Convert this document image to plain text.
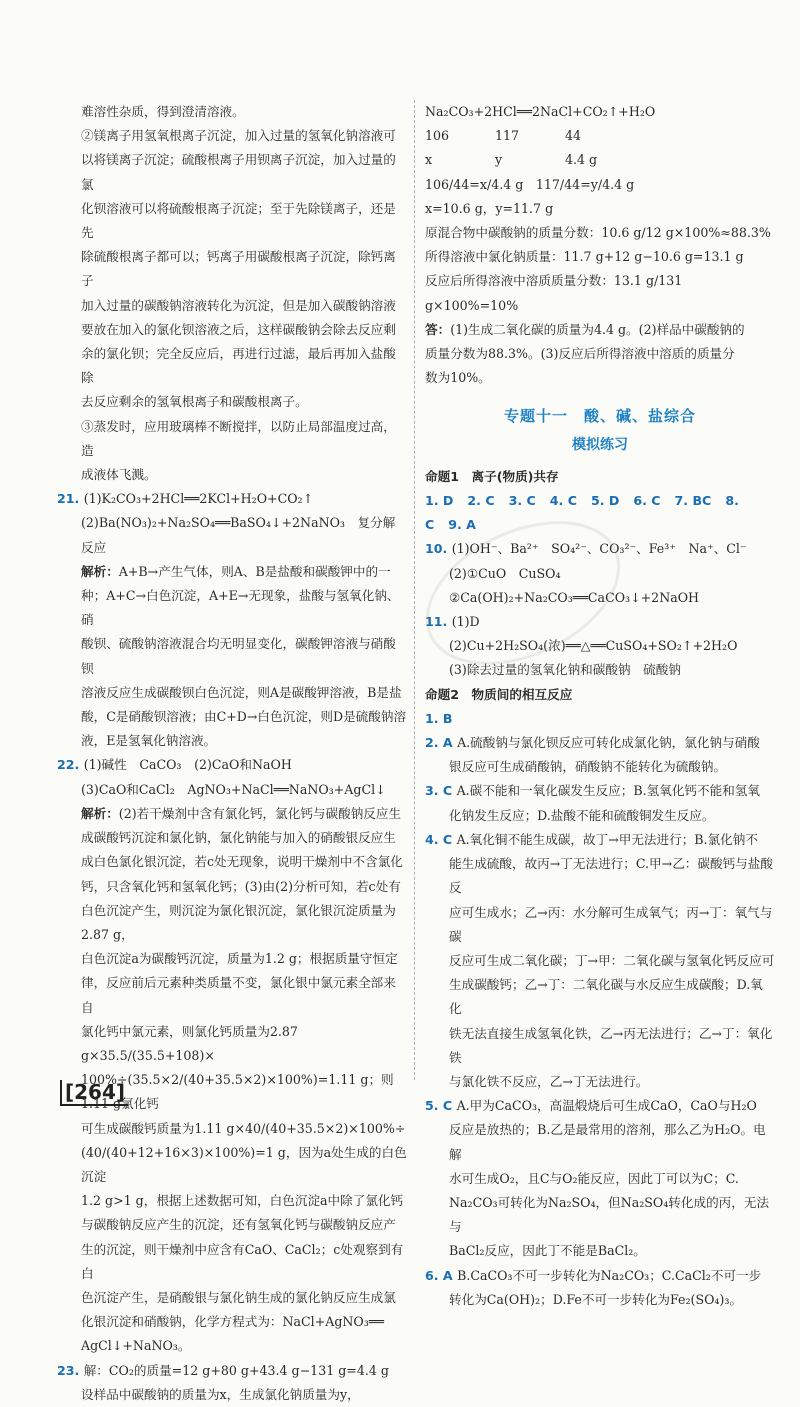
难溶性杂质，得到澄清溶液。

②镁离子用氢氧根离子沉淀，加入过量的氢氧化钠溶液可

以将镁离子沉淀；硫酸根离子用钡离子沉淀，加入过量的氯

化钡溶液可以将硫酸根离子沉淀；至于先除镁离子，还是先

除硫酸根离子都可以；钙离子用碳酸根离子沉淀，除钙离子

加入过量的碳酸钠溶液转化为沉淀，但是加入碳酸钠溶液

要放在加入的氯化钡溶液之后，这样碳酸钠会除去反应剩

余的氯化钡；完全反应后，再进行过滤，最后再加入盐酸除

去反应剩余的氢氧根离子和碳酸根离子。

③蒸发时，应用玻璃棒不断搅拌，以防止局部温度过高，造

成液体飞溅。

21. (1)K₂CO₃+2HCl══2KCl+H₂O+CO₂↑

(2)Ba(NO₃)₂+Na₂SO₄══BaSO₄↓+2NaNO₃　复分解

反应

解析：A+B→产生气体，则A、B是盐酸和碳酸钾中的一

种；A+C→白色沉淀，A+E→无现象，盐酸与氢氧化钠、硝

酸钡、硫酸钠溶液混合均无明显变化，碳酸钾溶液与硝酸钡

溶液反应生成碳酸钡白色沉淀，则A是碳酸钾溶液，B是盐

酸，C是硝酸钡溶液；由C+D→白色沉淀，则D是硫酸钠溶

液，E是氢氧化钠溶液。

22. (1)碱性　CaCO₃　(2)CaO和NaOH

(3)CaO和CaCl₂　AgNO₃+NaCl══NaNO₃+AgCl↓

解析：(2)若干燥剂中含有氯化钙，氯化钙与碳酸钠反应生

成碳酸钙沉淀和氯化钠，氯化钠能与加入的硝酸银反应生

成白色氯化银沉淀，若c处无现象，说明干燥剂中不含氯化

钙，只含氧化钙和氢氧化钙；(3)由(2)分析可知，若c处有

白色沉淀产生，则沉淀为氯化银沉淀，氯化银沉淀质量为2.87 g，

白色沉淀a为碳酸钙沉淀，质量为1.2 g；根据质量守恒定

律，反应前后元素种类质量不变，氯化银中氯元素全部来自

氯化钙中氯元素，则氯化钙质量为2.87 g×35.5/(35.5+108)×

100%÷(35.5×2/(40+35.5×2)×100%)=1.11 g；则1.11 g氯化钙

可生成碳酸钙质量为1.11 g×40/(40+35.5×2)×100%÷

(40/(40+12+16×3)×100%)=1 g，因为a处生成的白色沉淀

1.2 g>1 g，根据上述数据可知，白色沉淀a中除了氯化钙

与碳酸钠反应产生的沉淀，还有氢氧化钙与碳酸钠反应产

生的沉淀，则干燥剂中应含有CaO、CaCl₂；c处观察到有白

色沉淀产生，是硝酸银与氯化钠生成的氯化钠反应生成氯

化银沉淀和硝酸钠，化学方程式为：NaCl+AgNO₃══

AgCl↓+NaNO₃。

23. 解：CO₂的质量=12 g+80 g+43.4 g−131 g=4.4 g

设样品中碳酸钠的质量为x，生成氯化钠质量为y，

Na₂CO₃+2HCl══2NaCl+CO₂↑+H₂O

106	117	44

x	y	4.4 g

106/44=x/4.4 g　117/44=y/4.4 g

x=10.6 g，y=11.7 g

原混合物中碳酸钠的质量分数：10.6 g/12 g×100%≈88.3%

所得溶液中氯化钠质量：11.7 g+12 g−10.6 g=13.1 g

反应后所得溶液中溶质质量分数：13.1 g/131 g×100%=10%

答：(1)生成二氧化碳的质量为4.4 g。(2)样品中碳酸钠的

质量分数为88.3%。(3)反应后所得溶液中溶质的质量分

数为10%。

专题十一　酸、碱、盐综合
模拟练习
命题1　离子(物质)共存
1. D 2. C 3. C 4. C 5. D 6. C 7. BC 8. C 9. A

10. (1)OH⁻、Ba²⁺　SO₄²⁻、CO₃²⁻、Fe³⁺　Na⁺、Cl⁻

(2)①CuO　CuSO₄

②Ca(OH)₂+Na₂CO₃══CaCO₃↓+2NaOH

11. (1)D

(2)Cu+2H₂SO₄(浓)══△══CuSO₄+SO₂↑+2H₂O

(3)除去过量的氢氧化钠和碳酸钠　硫酸钠

命题2　物质间的相互反应

1. B

2. A A.硫酸钠与氯化钡反应可转化成氯化钠，氯化钠与硝酸

银反应可生成硝酸钠，硝酸钠不能转化为硫酸钠。

3. C A.碳不能和一氧化碳发生反应；B.氢氧化钙不能和氢氧

化钠发生反应；D.盐酸不能和硫酸铜发生反应。

4. C A.氧化铜不能生成碳，故丁→甲无法进行；B.氯化钠不

能生成硫酸，故丙→丁无法进行；C.甲→乙：碳酸钙与盐酸反

应可生成水；乙→丙：水分解可生成氧气；丙→丁：氧气与碳

反应可生成二氧化碳；丁→甲：二氧化碳与氢氧化钙反应可

生成碳酸钙；乙→丁：二氧化碳与水反应生成碳酸；D.氧化

铁无法直接生成氢氧化铁，乙→丙无法进行；乙→丁：氧化铁

与氯化铁不反应，乙→丁无法进行。

5. C A.甲为CaCO₃，高温煅烧后可生成CaO，CaO与H₂O

反应是放热的；B.乙是最常用的溶剂，那么乙为H₂O。电解

水可生成O₂，且C与O₂能反应，因此丁可以为C；C.

Na₂CO₃可转化为Na₂SO₄，但Na₂SO₄转化成的丙，无法与

BaCl₂反应，因此丁不能是BaCl₂。

6. A B.CaCO₃不可一步转化为Na₂CO₃；C.CaCl₂不可一步

转化为Ca(OH)₂；D.Fe不可一步转化为Fe₂(SO₄)₃。

[ 264 ]
